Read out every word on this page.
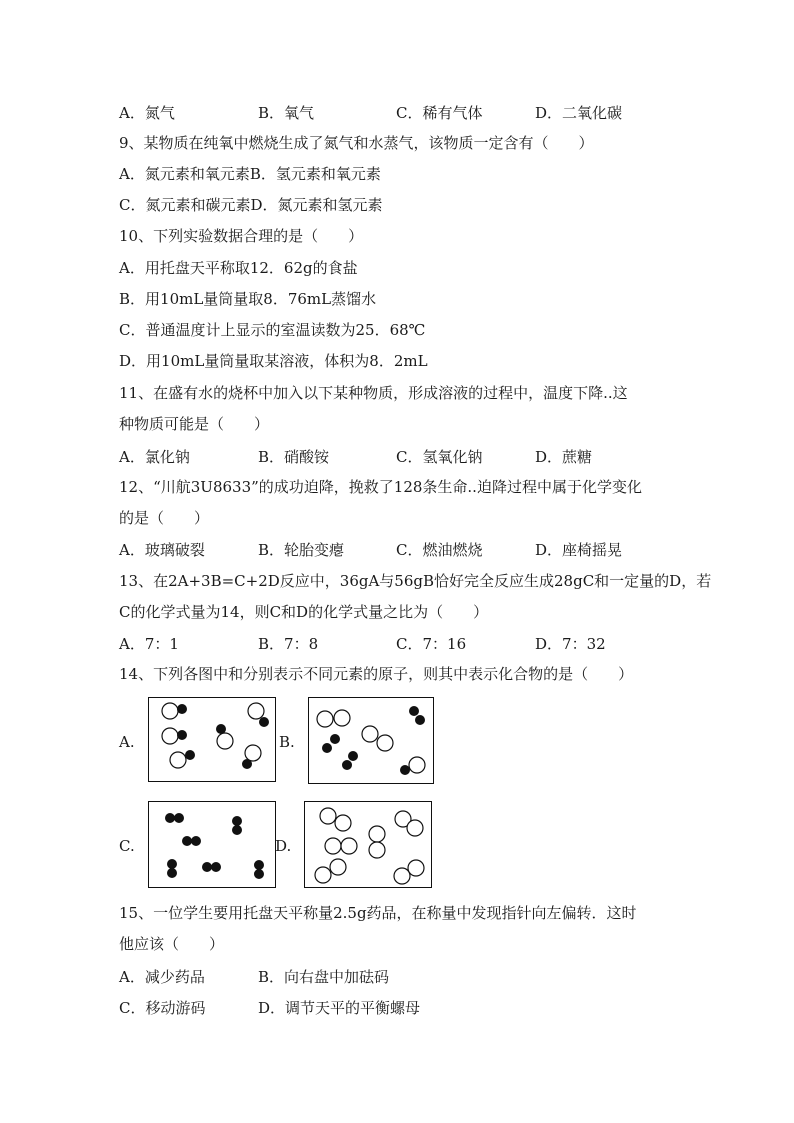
A．氮气	B．氧气	C．稀有气体	D．二氧化碳
9、某物质在纯氧中燃烧生成了氮气和水蒸气，该物质一定含有（　　）
A．氮元素和氧元素B．氢元素和氧元素
C．氮元素和碳元素D．氮元素和氢元素
10、下列实验数据合理的是（　　）
A．用托盘天平称取12．62g的食盐
B．用10mL量筒量取8．76mL蒸馏水
C．普通温度计上显示的室温读数为25．68℃
D．用10mL量筒量取某溶液，体积为8．2mL
11、在盛有水的烧杯中加入以下某种物质，形成溶液的过程中，温度下降..这
种物质可能是（　　）
A．氯化钠	B．硝酸铵	C．氢氧化钠	D．蔗糖
12、“川航3U8633”的成功迫降，挽救了128条生命..迫降过程中属于化学变化
的是（　　）
A．玻璃破裂	B．轮胎变瘪	C．燃油燃烧	D．座椅摇晃
13、在2A+3B=C+2D反应中，36gA与56gB恰好完全反应生成28gC和一定量的D，若
C的化学式量为14，则C和D的化学式量之比为（　　）
A．7：1	B．7：8	C．7：16	D．7：32
14、下列各图中和分别表示不同元素的原子，则其中表示化合物的是（　　）
A.	B.
C.	D.
15、一位学生要用托盘天平称量2.5g药品，在称量中发现指针向左偏转．这时
他应该（　　）
A．减少药品	B．向右盘中加砝码
C．移动游码	D．调节天平的平衡螺母
